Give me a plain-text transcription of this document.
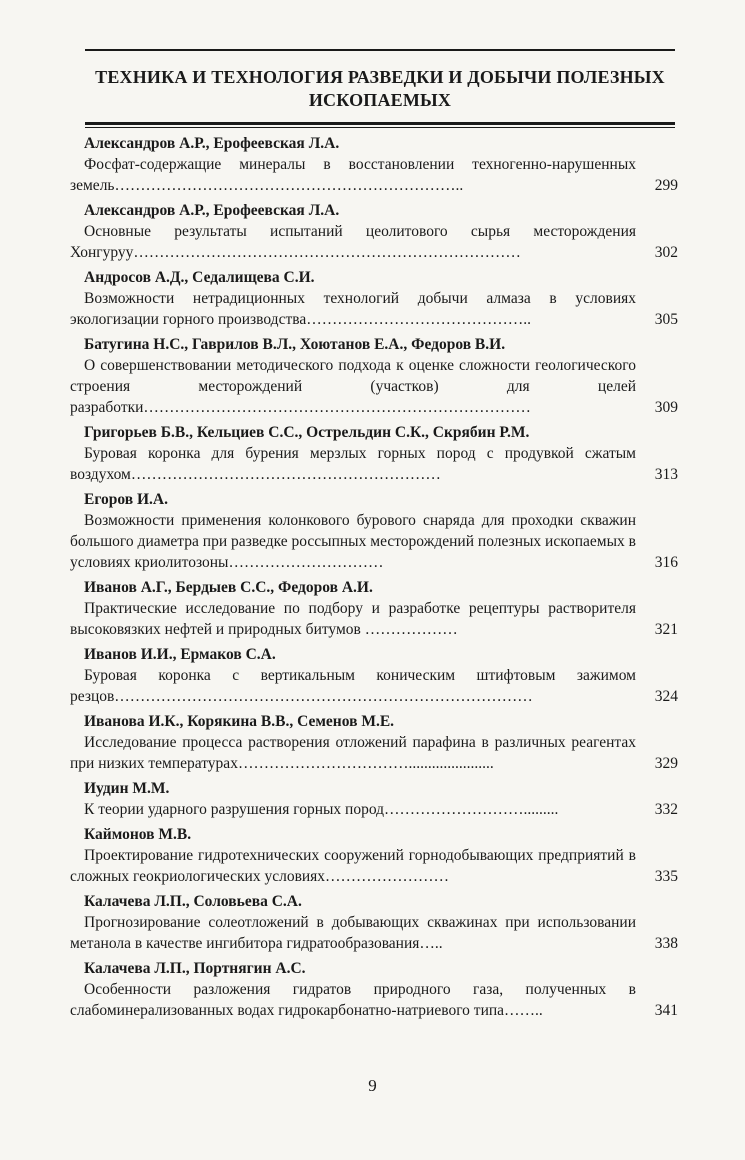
ТЕХНИКА И ТЕХНОЛОГИЯ РАЗВЕДКИ И ДОБЫЧИ ПОЛЕЗНЫХ ИСКОПАЕМЫХ
Александров А.Р., Ерофеевская Л.А.
Фосфат-содержащие минералы в восстановлении техногенно-нарушенных земель…………………………………………………………..	299
Александров А.Р., Ерофеевская Л.А.
Основные результаты испытаний цеолитового сырья месторождения Хонгуруу…………………………………………………………………	302
Андросов А.Д., Седалищева С.И.
Возможности нетрадиционных технологий добычи алмаза в условиях экологизации горного производства……………………………………..	305
Батугина Н.С., Гаврилов В.Л., Хоютанов Е.А., Федоров В.И.
О совершенствовании методического подхода к оценке сложности геологического строения месторождений (участков) для целей разработки…………………………………………………………………	309
Григорьев Б.В., Кельциев С.С., Острельдин С.К., Скрябин Р.М.
Буровая коронка для бурения мерзлых горных пород с продувкой сжатым воздухом……………………………………………………	313
Егоров И.А.
Возможности применения колонкового бурового снаряда для проходки скважин большого диаметра при разведке россыпных месторождений полезных ископаемых в условиях криолитозоны…………………………	316
Иванов А.Г., Бердыев С.С., Федоров А.И.
Практические исследование по подбору и разработке рецептуры растворителя высоковязких нефтей и природных битумов ………………	321
Иванов И.И., Ермаков С.А.
Буровая коронка с вертикальным коническим штифтовым зажимом резцов………………………………………………………………………	324
Иванова И.К., Корякина В.В., Семенов М.Е.
Исследование процесса растворения отложений парафина в различных реагентах при низких температурах……………………………......................	329
Иудин М.М.
К теории ударного разрушения горных пород……………………….........	332
Каймонов М.В.
Проектирование гидротехнических сооружений горнодобывающих предприятий в сложных геокриологических условиях……………………	335
Калачева Л.П., Соловьева С.А.
Прогнозирование солеотложений в добывающих скважинах при использовании метанола в качестве ингибитора гидратообразования…..	338
Калачева Л.П., Портнягин А.С.
Особенности разложения гидратов природного газа, полученных в слабоминерализованных водах гидрокарбонатно-натриевого типа……..	341
9
